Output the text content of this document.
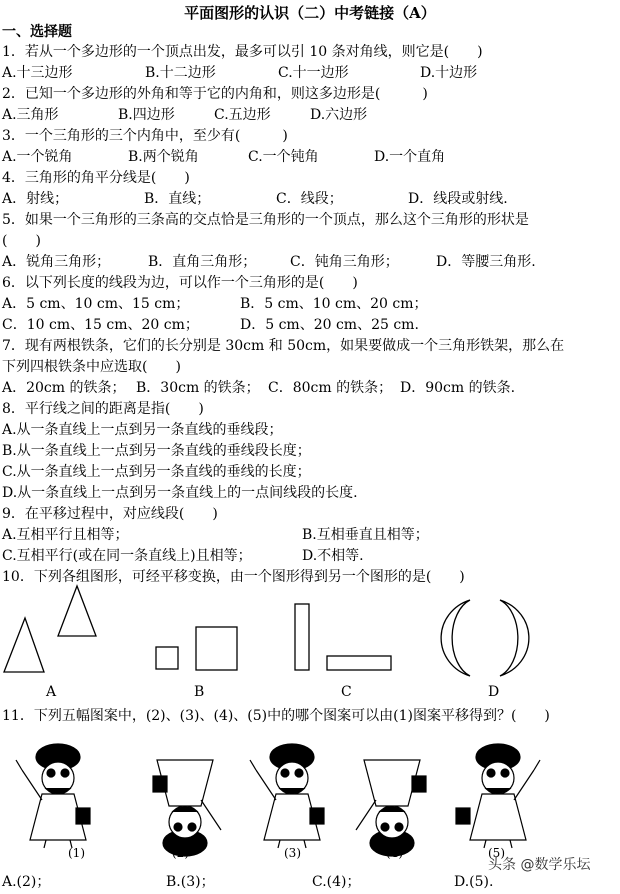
平面图形的认识（二）中考链接（A）
一、选择题
1．若从一个多边形的一个顶点出发，最多可以引 10 条对角线，则它是(　　)
A.十三边形	B.十二边形	C.十一边形	D.十边形
2．已知一个多边形的外角和等于它的内角和，则这多边形是(　　　)
A.三角形	B.四边形	C.五边形	D.六边形
3．一个三角形的三个内角中，至少有(　　　)
A.一个锐角	B.两个锐角	C.一个钝角	D.一个直角
4．三角形的角平分线是(　　)
A．射线；	B．直线；	C．线段；	D．线段或射线.
5．如果一个三角形的三条高的交点恰是三角形的一个顶点，那么这个三角形的形状是
(　　)
A．锐角三角形；	B．直角三角形； C．钝角三角形；	D．等腰三角形.
6．以下列长度的线段为边，可以作一个三角形的是(　　)
A．5 cm、10 cm、15 cm；	B．5 cm、10 cm、20 cm；
C．10 cm、15 cm、20 cm；	D．5 cm、20 cm、25 cm.
7．现有两根铁条，它们的长分别是 30cm 和 50cm，如果要做成一个三角形铁架，那么在
下列四根铁条中应选取(　　)
A．20cm 的铁条； B．30cm 的铁条； C．80cm 的铁条； D．90cm 的铁条.
8．平行线之间的距离是指(　　)
A.从一条直线上一点到另一条直线的垂线段；
B.从一条直线上一点到另一条直线的垂线段长度；
C.从一条直线上一点到另一条直线的垂线的长度；
D.从一条直线上一点到另一条直线上的一点间线段的长度.
9．在平移过程中，对应线段(　　)
A.互相平行且相等；	B.互相垂直且相等；
C.互相平行(或在同一条直线上)且相等；	D.不相等.
10．下列各组图形，可经平移变换，由一个图形得到另一个图形的是(　　)
A	B	C	D
11．下列五幅图案中，(2)、(3)、(4)、(5)中的哪个图案可以由(1)图案平移得到？(　　)
(1)	(2)	(3)	(4)	(5)
A.(2)；	B.(3)；	C.(4)；	D.(5).
头条 @数学乐坛
